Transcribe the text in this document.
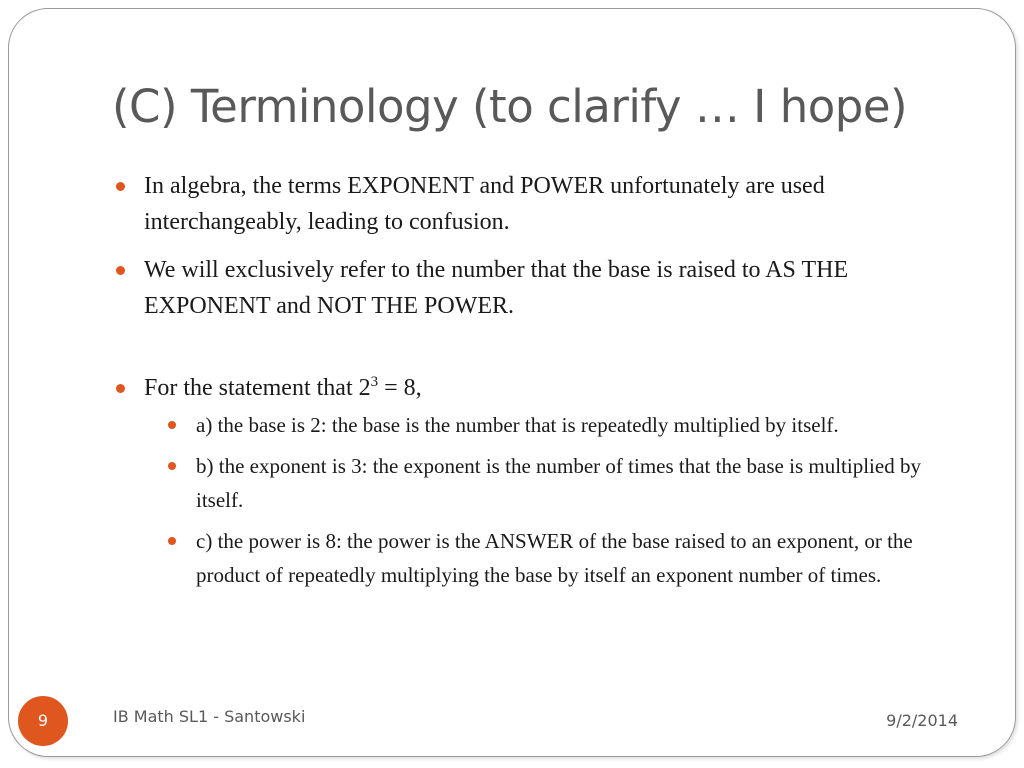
(C) Terminology (to clarify … I hope)
In algebra, the terms EXPONENT and POWER unfortunately are used interchangeably, leading to confusion.
We will exclusively refer to the number that the base is raised to AS THE EXPONENT and NOT THE POWER.
For the statement that $2^3 = 8$,
a) the base is 2: the base is the number that is repeatedly multiplied by itself.
b) the exponent is 3: the exponent is the number of times that the base is multiplied by itself.
c) the power is 8: the power is the ANSWER of the base raised to an exponent, or the product of repeatedly multiplying the base by itself an exponent number of times.
9	IB Math SL1 - Santowski	9/2/2014
